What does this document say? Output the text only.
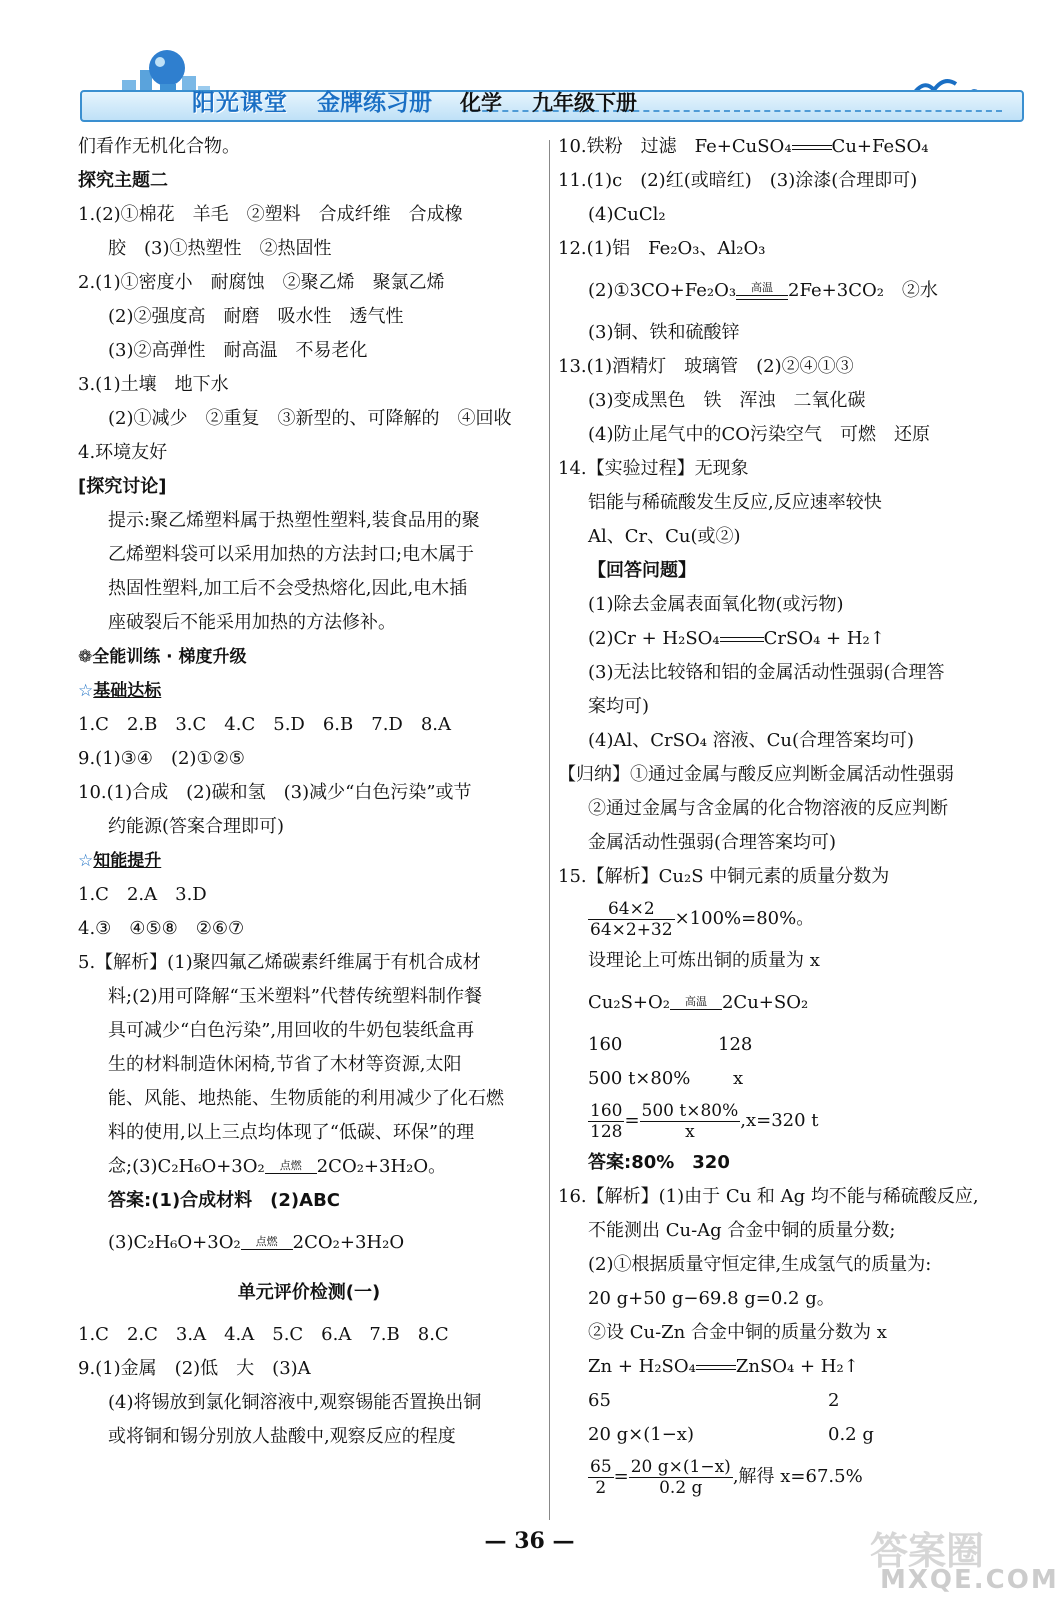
阳光课堂 金牌练习册 化学 九年级下册
们看作无机化合物。
探究主题二
1.(2)①棉花　羊毛　②塑料　合成纤维　合成橡
胶　(3)①热塑性　②热固性
2.(1)①密度小　耐腐蚀　②聚乙烯　聚氯乙烯
(2)②强度高　耐磨　吸水性　透气性
(3)②高弹性　耐高温　不易老化
3.(1)土壤　地下水
(2)①减少　②重复　③新型的、可降解的　④回收
4.环境友好
[探究讨论]
提示:聚乙烯塑料属于热塑性塑料,装食品用的聚
乙烯塑料袋可以采用加热的方法封口;电木属于
热固性塑料,加工后不会受热熔化,因此,电木插
座破裂后不能采用加热的方法修补。
❁全能训练 · 梯度升级
☆基础达标
1.C　2.B　3.C　4.C　5.D　6.B　7.D　8.A
9.(1)③④　(2)①②⑤
10.(1)合成　(2)碳和氢　(3)减少“白色污染”或节
约能源(答案合理即可)
☆知能提升
1.C　2.A　3.D
4.③　④⑤⑧　②⑥⑦
5.【解析】(1)聚四氟乙烯碳素纤维属于有机合成材
料;(2)用可降解“玉米塑料”代替传统塑料制作餐
具可减少“白色污染”,用回收的牛奶包装纸盒再
生的材料制造休闲椅,节省了木材等资源,太阳
能、风能、地热能、生物质能的利用减少了化石燃
料的使用,以上三点均体现了“低碳、环保”的理
念;(3)C₂H₆O+3O₂	点燃 2CO₂+3H₂O。
答案:(1)合成材料　(2)ABC
(3)C₂H₆O+3O₂	点燃 2CO₂+3H₂O
单元评价检测(一)
1.C　2.C　3.A　4.A　5.C　6.A　7.B　8.C
9.(1)金属　(2)低　大　(3)A
(4)将锡放到氯化铜溶液中,观察锡能否置换出铜
或将铜和锡分别放人盐酸中,观察反应的程度
10.铁粉　过滤　Fe+CuSO₄ Cu+FeSO₄
11.(1)c　(2)红(或暗红)　(3)涂漆(合理即可)
(4)CuCl₂
12.(1)铝　Fe₂O₃、Al₂O₃
(2)①3CO+Fe₂O₃	高温 2Fe+3CO₂　②水
(3)铜、铁和硫酸锌
13.(1)酒精灯　玻璃管　(2)②④①③
(3)变成黑色　铁　浑浊　二氧化碳
(4)防止尾气中的CO污染空气　可燃　还原
14.【实验过程】无现象
铝能与稀硫酸发生反应,反应速率较快
Al、Cr、Cu(或②)
【回答问题】
(1)除去金属表面氧化物(或污物)
(2)Cr + H₂SO₄ CrSO₄ + H₂↑
(3)无法比较铬和铝的金属活动性强弱(合理答
案均可)
(4)Al、CrSO₄ 溶液、Cu(合理答案均可)
【归纳】①通过金属与酸反应判断金属活动性强弱
②通过金属与含金属的化合物溶液的反应判断
金属活动性强弱(合理答案均可)
15.【解析】Cu₂S 中铜元素的质量分数为
$\frac{64\times 2}{64\times 2+32} \times 100\%=80\%$。
设理论上可炼出铜的质量为 x
Cu₂S+O₂	高温 2Cu+SO₂
160	128
500 t×80% x
$\frac{160}{128} = \frac{500 t\times 80\%}{x} ,x=320$ t
答案:80%　320
16.【解析】(1)由于 Cu 和 Ag 均不能与稀硫酸反应,
不能测出 Cu-Ag 合金中铜的质量分数;
(2)①根据质量守恒定律,生成氢气的质量为:
20 g+50 g−69.8 g=0.2 g。
②设 Cu-Zn 合金中铜的质量分数为 x
Zn + H₂SO₄ ZnSO₄ + H₂↑
65	2
20 g×(1−x)	0.2 g
$\frac{65}{2} = \frac{20 g\times(1-x)}{0.2 g}$ ,解得 x=67.5%
— 36 —	答案圈
MXQE.COM
